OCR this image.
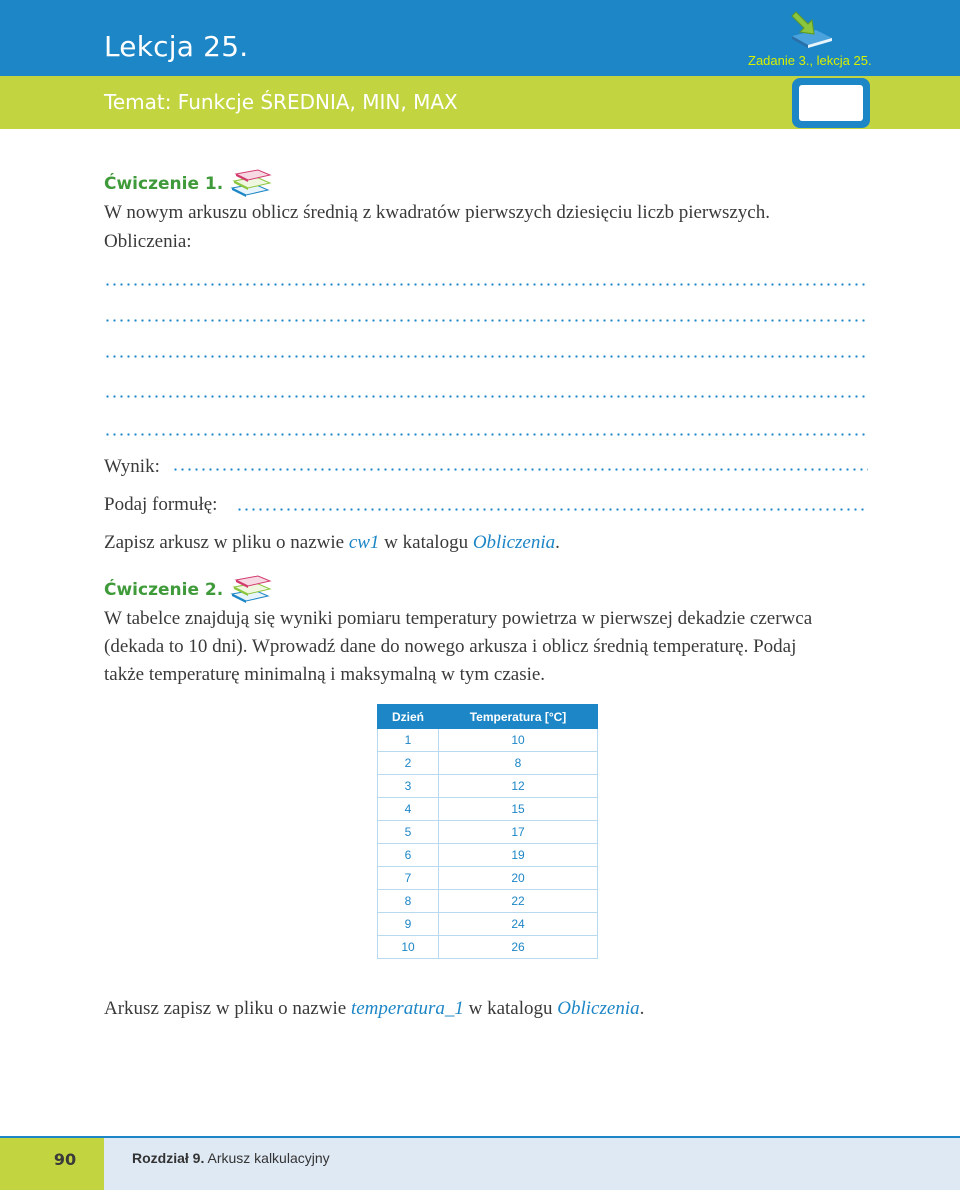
Lekcja 25.	Zadanie 3., lekcja 25.
Temat: Funkcje ŚREDNIA, MIN, MAX
Ćwiczenie 1.
W nowym arkuszu oblicz średnią z kwadratów pierwszych dziesięciu liczb pierwszych.
Obliczenia:
Wynik:
Podaj formułę:
Zapisz arkusz w pliku o nazwie cw1 w katalogu Obliczenia.
Ćwiczenie 2.
W tabelce znajdują się wyniki pomiaru temperatury powietrza w pierwszej dekadzie czerwca
(dekada to 10 dni). Wprowadź dane do nowego arkusza i oblicz średnią temperaturę. Podaj
także temperaturę minimalną i maksymalną w tym czasie.
Dzień	Temperatura [°C]
1	10
2	8
3	12
4	15
5	17
6	19
7	20
8	22
9	24
10	26
Arkusz zapisz w pliku o nazwie temperatura_1 w katalogu Obliczenia.
90	Rozdział 9. Arkusz kalkulacyjny
